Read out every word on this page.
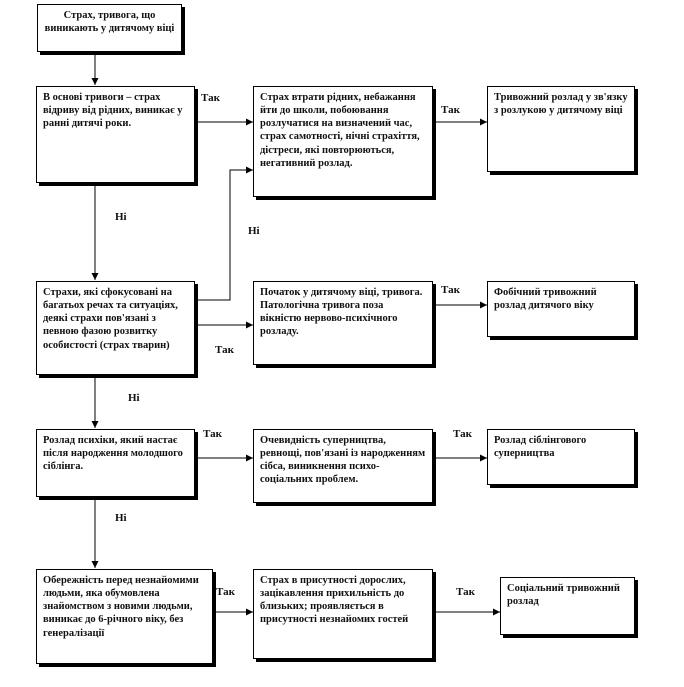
Страх, тривога, що виникають у дитячому віці
В основі тривоги – страх відриву від рідних, виникає у ранні дитячі роки.
Страх втрати рідних, небажання йти до школи, побоювання розлучатися на визначений час, страх самотності, нічні страхіття, дістреси, які повторюються, негативний розлад.
Тривожний розлад у зв'язку з розлукою у дитячому віці
Страхи, які сфокусовані на багатьох речах та ситуаціях, деякі страхи пов'язані з певною фазою розвитку особистості (страх тварин)
Початок у дитячому віці, тривога. Патологічна тривога поза вікністю нервово-психічного розладу.
Фобічний тривожний розлад дитячого віку
Розлад психіки, який настає після народження молодшого сіблінга.
Очевидність суперництва, ревнощі, пов'язані із народженням сібса, виникнення психо-соціальних проблем.
Розлад сіблінгового суперництва
Обережність перед незнайомими людьми, яка обумовлена знайомством з новими людьми, виникає до 6-річного віку, без генералізації
Страх в присутності дорослих, зацікавлення прихильність до близьких; проявляється в присутності незнайомих гостей
Соціальний тривожний розлад
Так
Так
Ні
Ні
Так
Так
Ні
Так	Так
Ні
Так	Так
